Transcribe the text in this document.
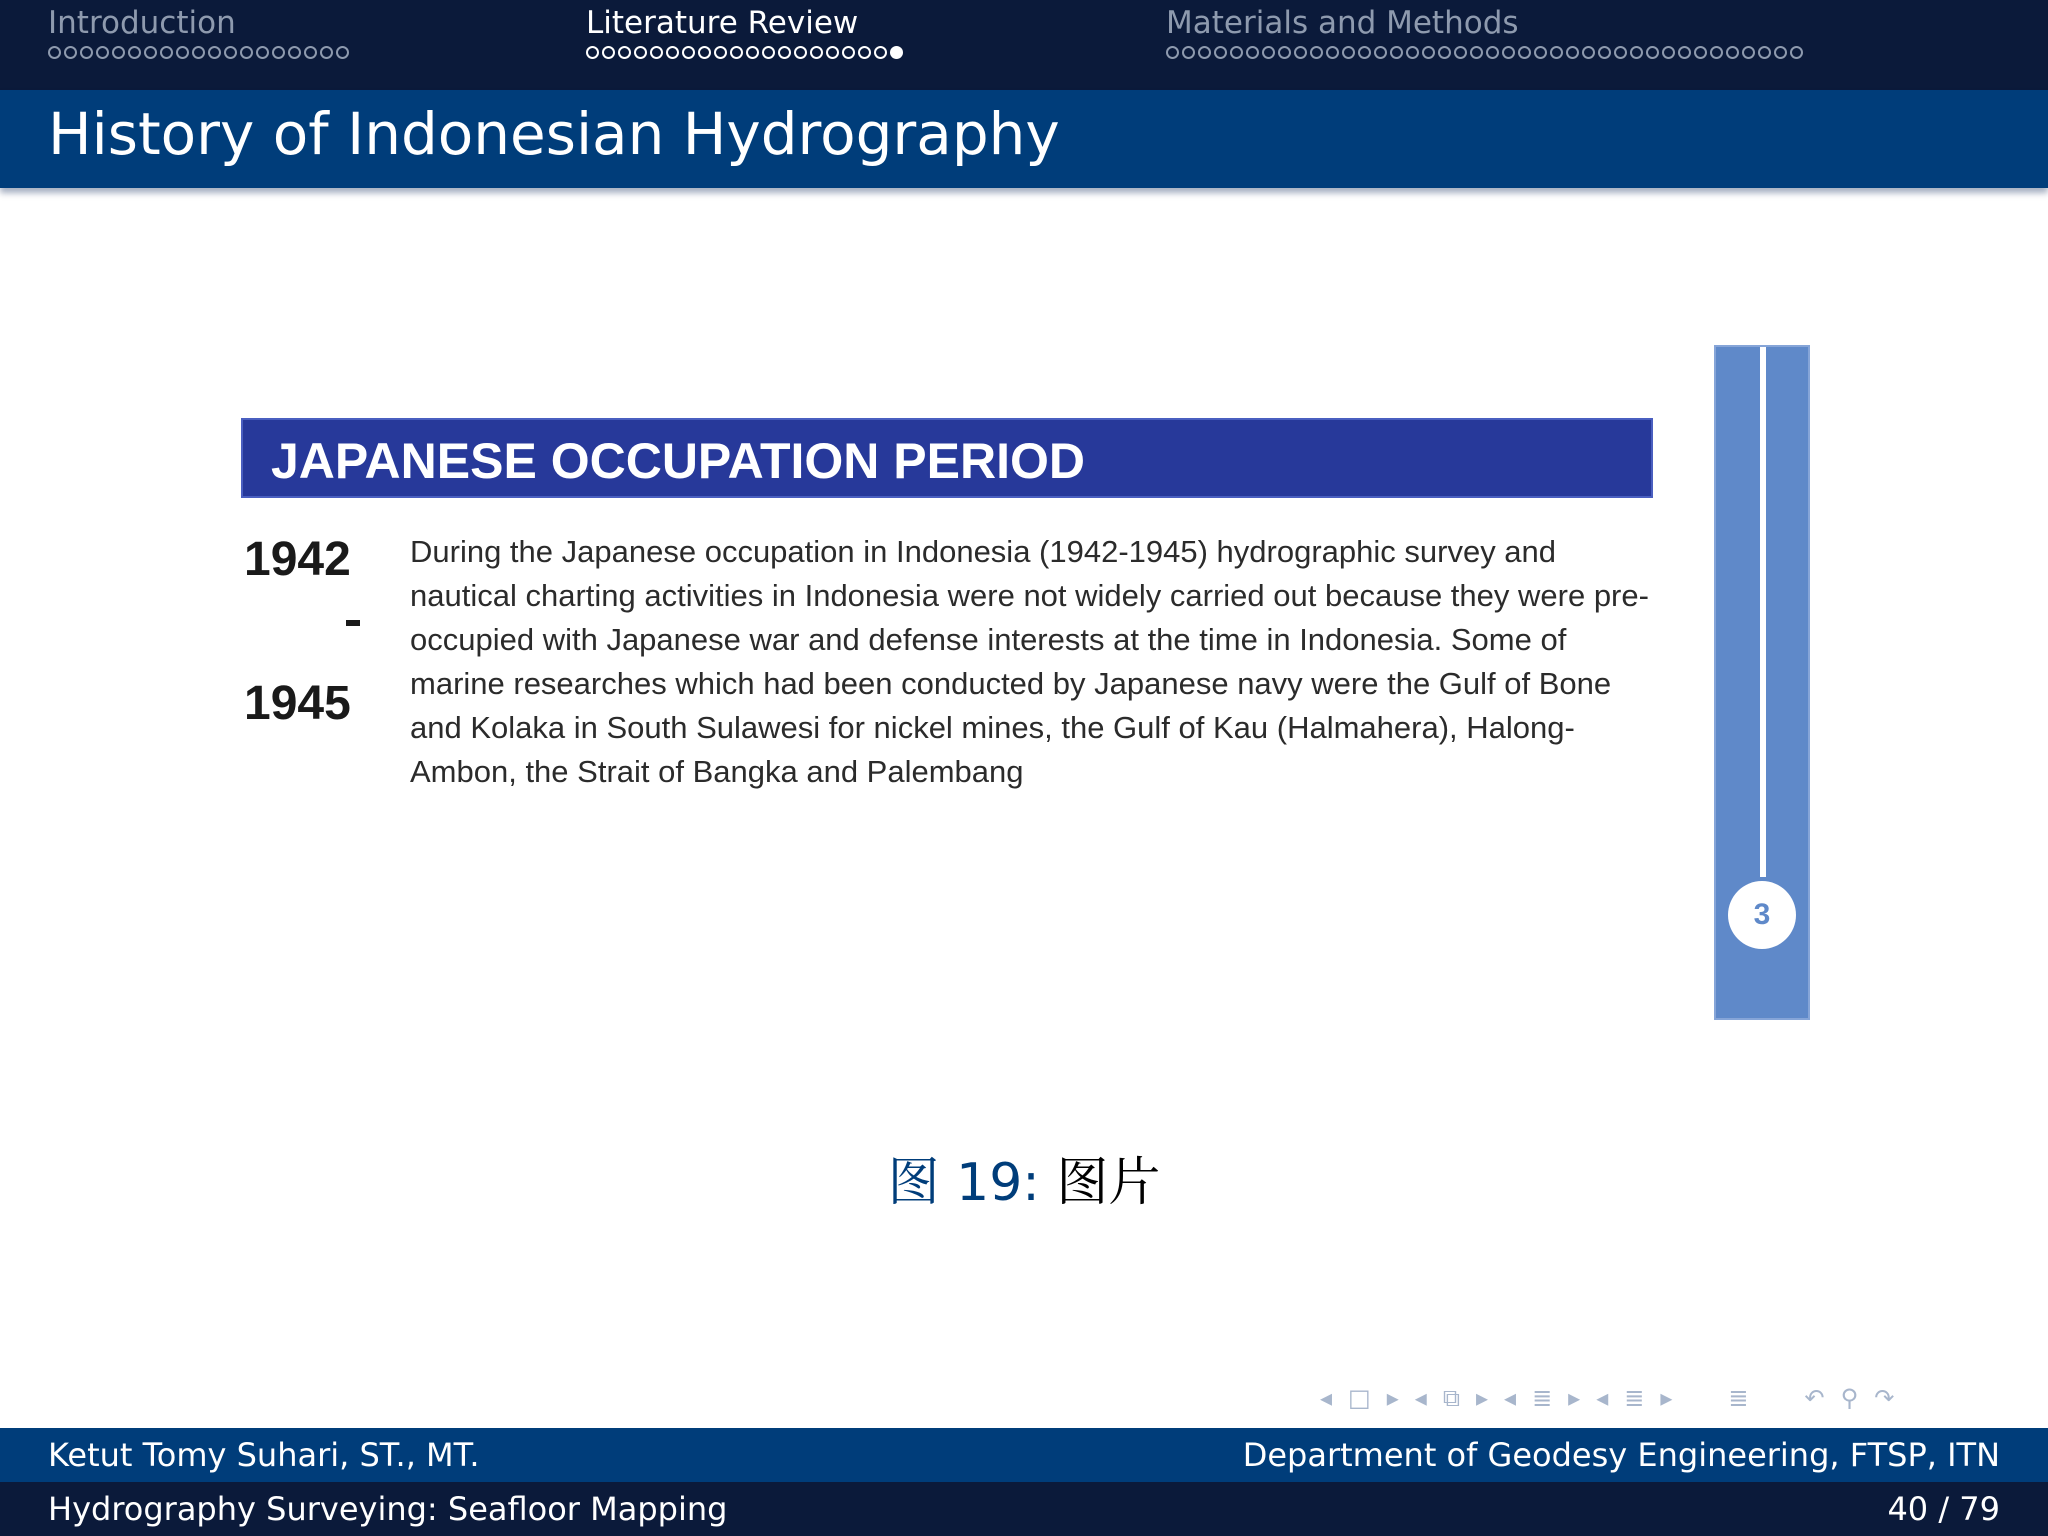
Introduction	Literature Review	Materials and Methods
History of Indonesian Hydrography
JAPANESE OCCUPATION PERIOD
1942
1945

During the Japanese occupation in Indonesia (1942-1945) hydrographic survey and nautical charting activities in Indonesia were not widely carried out because they were pre-occupied with Japanese war and defense interests at the time in Indonesia. Some of marine researches which had been conducted by Japanese navy were the Gulf of Bone and Kolaka in South Sulawesi for nickel mines, the Gulf of Kau (Halmahera), Halong-Ambon, the Strait of Bangka and Palembang

3
图 19: 图片
◂ □ ▸ ◂ ⧉ ▸ ◂ ≣ ▸ ◂ ≣ ▸ ≣ ↶ ⚲ ↷
Ketut Tomy Suhari, ST., MT.	Department of Geodesy Engineering, FTSP, ITN
Hydrography Surveying: Seafloor Mapping	40 / 79
